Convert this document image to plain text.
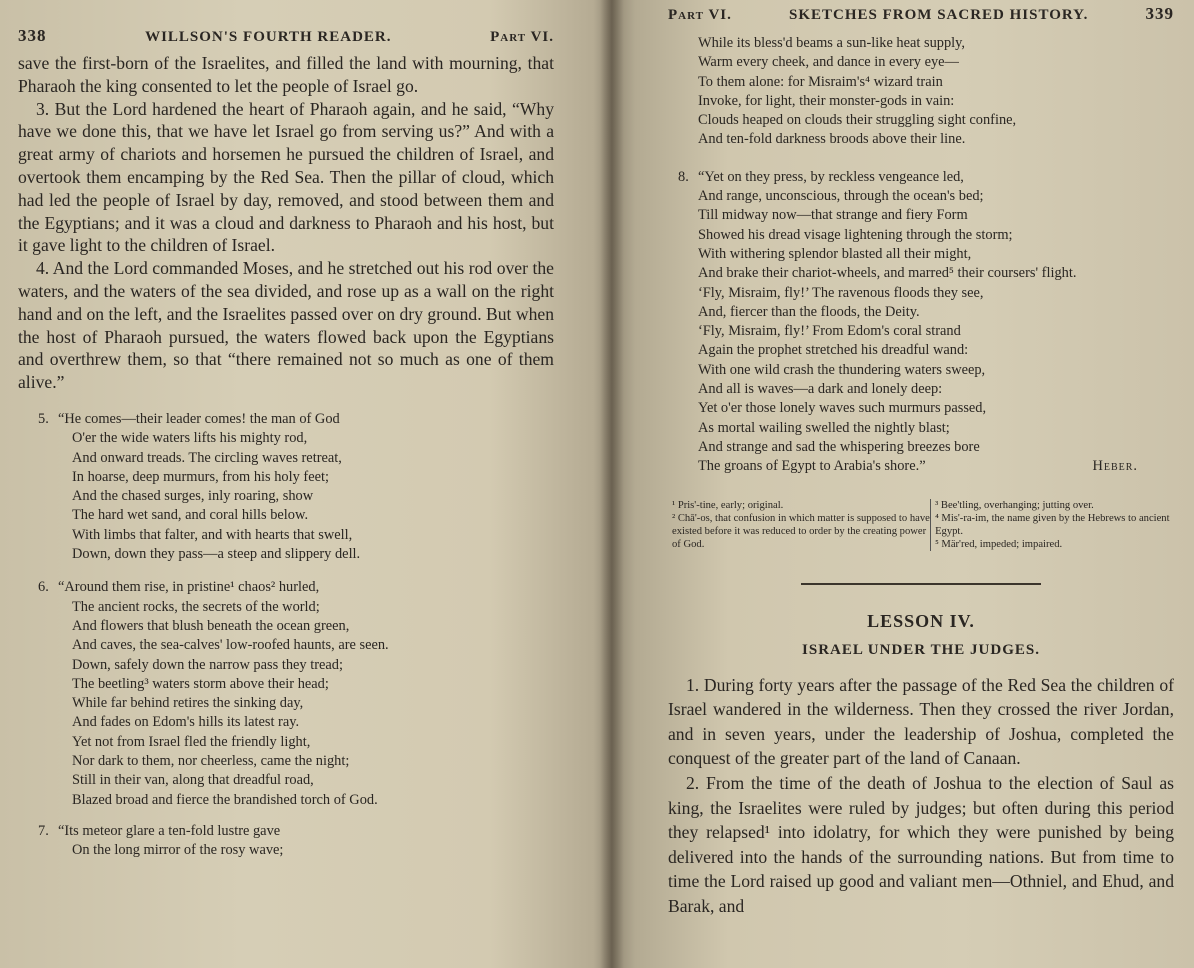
338	WILLSON'S FOURTH READER.	Part VI.

save the first-born of the Israelites, and filled the land with mourning, that Pharaoh the king consented to let the people of Israel go.

3. But the Lord hardened the heart of Pharaoh again, and he said, “Why have we done this, that we have let Israel go from serving us?” And with a great army of chariots and horsemen he pursued the children of Israel, and overtook them encamping by the Red Sea. Then the pillar of cloud, which had led the people of Israel by day, removed, and stood between them and the Egyptians; and it was a cloud and darkness to Pharaoh and his host, but it gave light to the children of Israel.

4. And the Lord commanded Moses, and he stretched out his rod over the waters, and the waters of the sea divided, and rose up as a wall on the right hand and on the left, and the Israelites passed over on dry ground. But when the host of Pharaoh pursued, the waters flowed back upon the Egyptians and overthrew them, so that “there remained not so much as one of them alive.”

5. “He comes—their leader comes! the man of God
O'er the wide waters lifts his mighty rod,
And onward treads. The circling waves retreat,
In hoarse, deep murmurs, from his holy feet;
And the chased surges, inly roaring, show
The hard wet sand, and coral hills below.
With limbs that falter, and with hearts that swell,
Down, down they pass—a steep and slippery dell.
6. “Around them rise, in pristine¹ chaos² hurled,
The ancient rocks, the secrets of the world;
And flowers that blush beneath the ocean green,
And caves, the sea-calves' low-roofed haunts, are seen.
Down, safely down the narrow pass they tread;
The beetling³ waters storm above their head;
While far behind retires the sinking day,
And fades on Edom's hills its latest ray.
Yet not from Israel fled the friendly light,
Nor dark to them, nor cheerless, came the night;
Still in their van, along that dreadful road,
Blazed broad and fierce the brandished torch of God.
7. “Its meteor glare a ten-fold lustre gave
On the long mirror of the rosy wave;
Part VI.	SKETCHES FROM SACRED HISTORY.	339
While its bless'd beams a sun-like heat supply,
Warm every cheek, and dance in every eye—
To them alone: for Misraim's⁴ wizard train
Invoke, for light, their monster-gods in vain:
Clouds heaped on clouds their struggling sight confine,
And ten-fold darkness broods above their line.
8. “Yet on they press, by reckless vengeance led,
And range, unconscious, through the ocean's bed;
Till midway now—that strange and fiery Form
Showed his dread visage lightening through the storm;
With withering splendor blasted all their might,
And brake their chariot-wheels, and marred⁵ their coursers' flight.
‘Fly, Misraim, fly!’ The ravenous floods they see,
And, fiercer than the floods, the Deity.
‘Fly, Misraim, fly!’ From Edom's coral strand
Again the prophet stretched his dreadful wand:
With one wild crash the thundering waters sweep,
And all is waves—a dark and lonely deep:
Yet o'er those lonely waves such murmurs passed,
As mortal wailing swelled the nightly blast;
And strange and sad the whispering breezes bore
The groans of Egypt to Arabia's shore.”	Heber.
¹ Pris'-tine, early; original.
² Chā'-os, that confusion in which matter is supposed to have existed before it was reduced to order by the creating power of God.
³ Bee'tling, overhanging; jutting over.
⁴ Mis'-ra-im, the name given by the Hebrews to ancient Egypt.
⁵ Mär'red, impeded; impaired.
LESSON IV.
ISRAEL UNDER THE JUDGES.

1. During forty years after the passage of the Red Sea the children of Israel wandered in the wilderness. Then they crossed the river Jordan, and in seven years, under the leadership of Joshua, completed the conquest of the greater part of the land of Canaan.

2. From the time of the death of Joshua to the election of Saul as king, the Israelites were ruled by judges; but often during this period they relapsed¹ into idolatry, for which they were punished by being delivered into the hands of the surrounding nations. But from time to time the Lord raised up good and valiant men—Othniel, and Ehud, and Barak, and
